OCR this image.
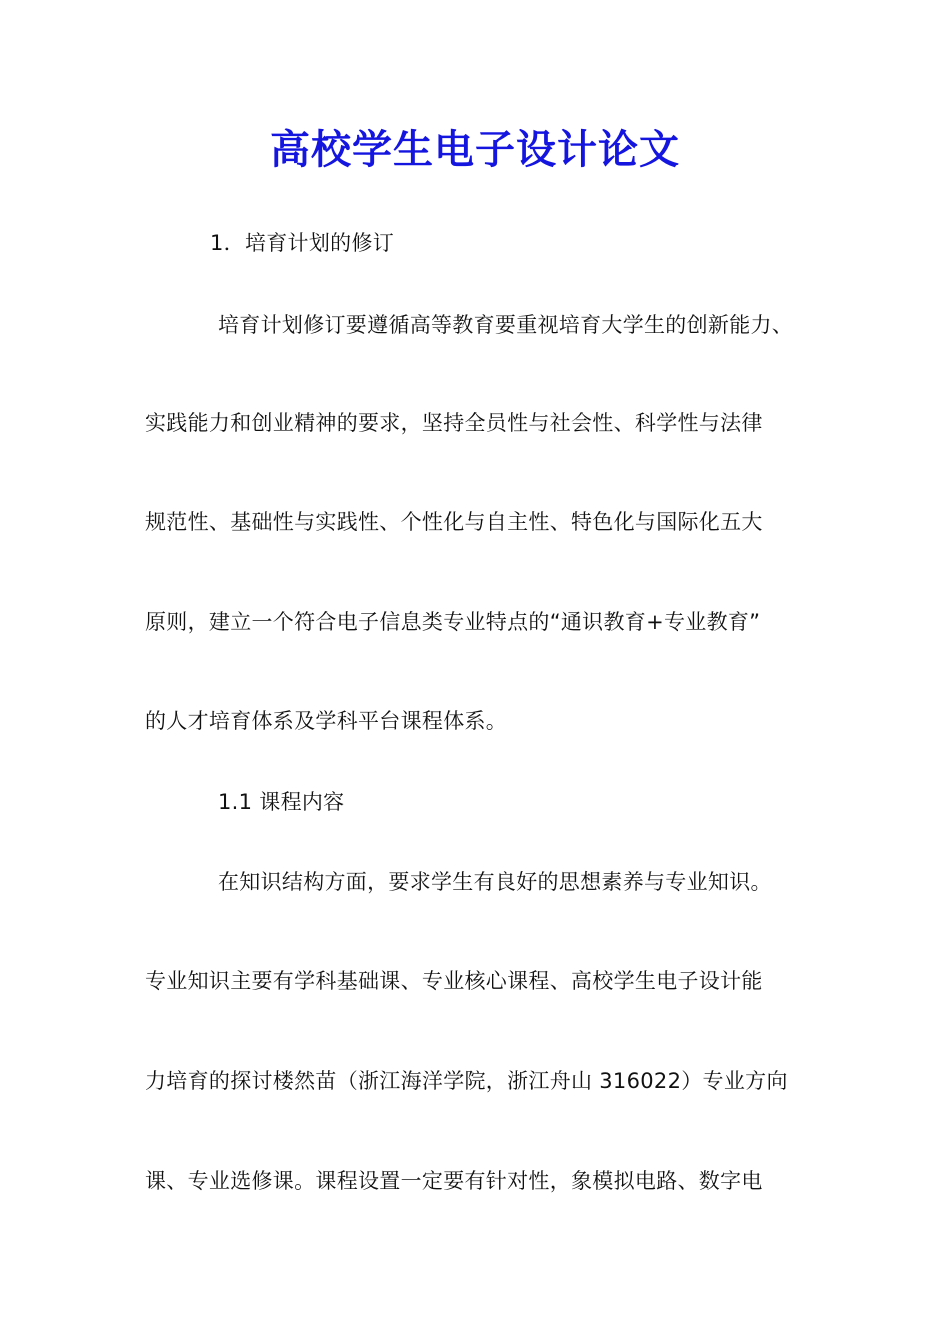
高校学生电子设计论文
1．培育计划的修订
培育计划修订要遵循高等教育要重视培育大学生的创新能力、
实践能力和创业精神的要求，坚持全员性与社会性、科学性与法律
规范性、基础性与实践性、个性化与自主性、特色化与国际化五大
原则，建立一个符合电子信息类专业特点的“通识教育+专业教育”
的人才培育体系及学科平台课程体系。
1.1 课程内容
在知识结构方面，要求学生有良好的思想素养与专业知识。
专业知识主要有学科基础课、专业核心课程、高校学生电子设计能
力培育的探讨楼然苗（浙江海洋学院，浙江舟山 316022）专业方向
课、专业选修课。课程设置一定要有针对性，象模拟电路、数字电
